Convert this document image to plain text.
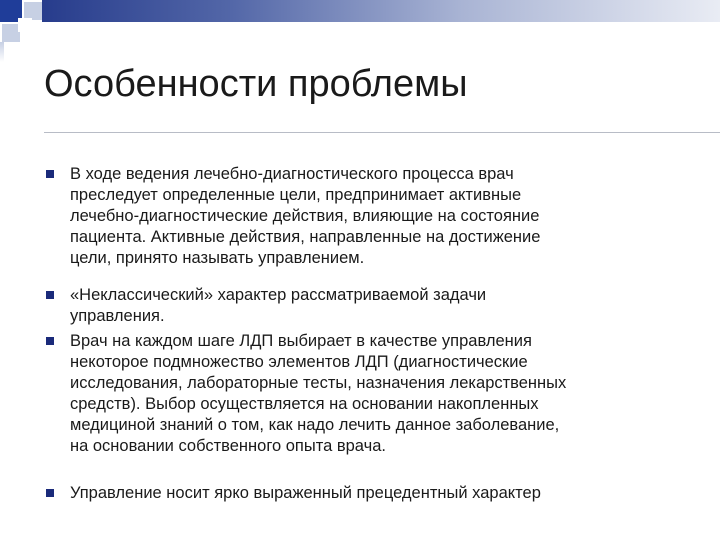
Особенности проблемы
В ходе ведения лечебно-диагностического процесса врач
преследует определенные цели, предпринимает активные
лечебно-диагностические действия, влияющие на состояние
пациента. Активные действия, направленные на достижение
цели, принято называть управлением.
«Неклассический» характер рассматриваемой задачи
управления.
Врач на каждом шаге ЛДП выбирает в качестве управления
некоторое подмножество элементов ЛДП (диагностические
исследования, лабораторные тесты, назначения лекарственных
средств). Выбор осуществляется на основании накопленных
медициной знаний о том, как надо лечить данное заболевание,
на основании собственного опыта врача.
Управление носит ярко выраженный прецедентный характер
